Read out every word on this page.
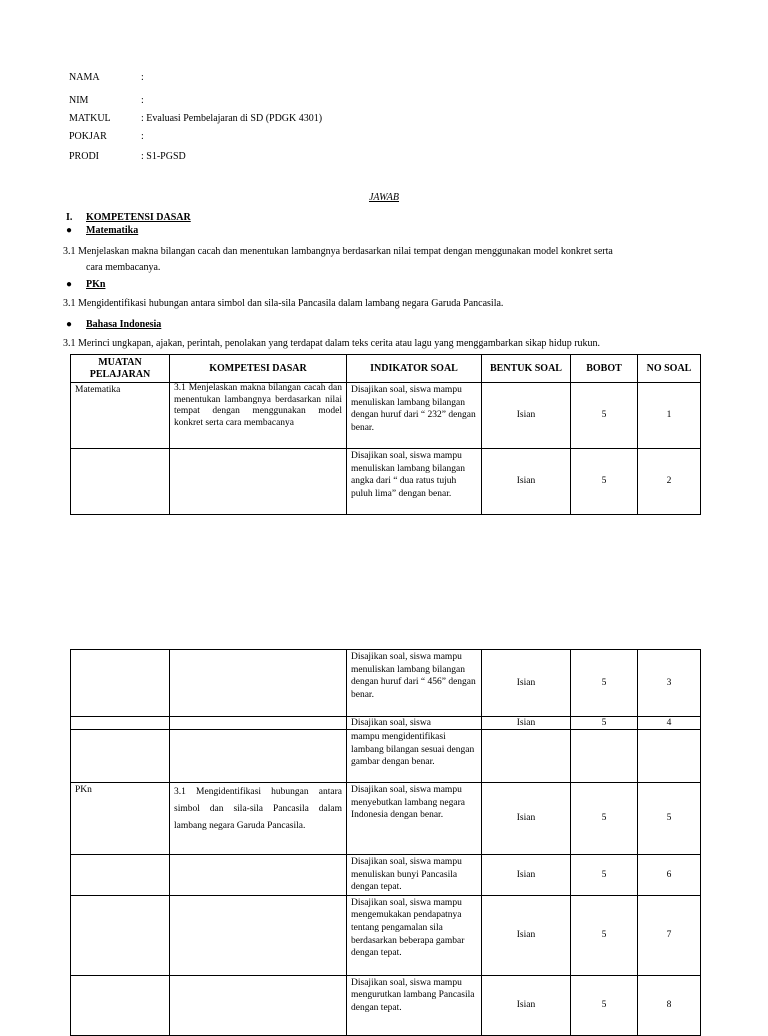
NAMA	:
NIM	:
MATKUL	: Evaluasi Pembelajaran di SD (PDGK 4301)
POKJAR	:
PRODI	: S1-PGSD
JAWAB
I. KOMPETENSI DASAR
● Matematika
3.1 Menjelaskan makna bilangan cacah dan menentukan lambangnya berdasarkan nilai tempat dengan menggunakan model konkret serta
cara membacanya.
● PKn
3.1 Mengidentifikasi hubungan antara simbol dan sila-sila Pancasila dalam lambang negara Garuda Pancasila.
● Bahasa Indonesia
3.1 Merinci ungkapan, ajakan, perintah, penolakan yang terdapat dalam teks cerita atau lagu yang menggambarkan sikap hidup rukun.
MUATAN PELAJARAN	KOMPETESI DASAR	INDIKATOR SOAL	BENTUK SOAL	BOBOT	NO SOAL
Matematika	3.1 Menjelaskan makna bilangan cacah dan menentukan lambangnya berdasarkan nilai tempat dengan menggunakan model konkret serta cara membacanya	Disajikan soal, siswa mampu menuliskan lambang bilangan dengan huruf dari “ 232” dengan benar.	Isian	5	1
		Disajikan soal, siswa mampu menuliskan lambang bilangan angka dari “ dua ratus tujuh puluh lima” dengan benar.	Isian	5	2
		Disajikan soal, siswa mampu menuliskan lambang bilangan dengan huruf dari “ 456” dengan benar.	Isian	5	3
		Disajikan soal, siswa	Isian	5	4
		mampu mengidentifikasi lambang bilangan sesuai dengan gambar dengan benar.			
PKn	3.1 Mengidentifikasi hubungan antara simbol dan sila-sila Pancasila dalam lambang negara Garuda Pancasila.	Disajikan soal, siswa mampu menyebutkan lambang negara Indonesia dengan benar.	Isian	5	5
		Disajikan soal, siswa mampu menuliskan bunyi Pancasila dengan tepat.	Isian	5	6
		Disajikan soal, siswa mampu mengemukakan pendapatnya tentang pengamalan sila berdasarkan beberapa gambar dengan tepat.	Isian	5	7
		Disajikan soal, siswa mampu mengurutkan lambang Pancasila dengan tepat.	Isian	5	8
